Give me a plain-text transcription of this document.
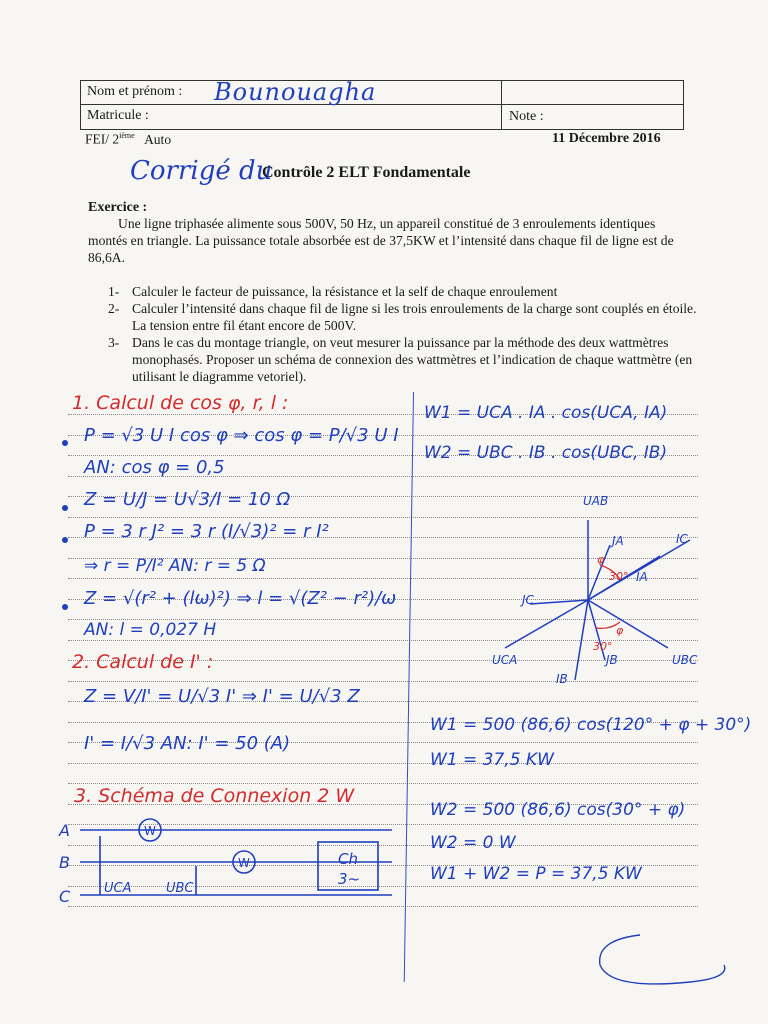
Nom et prénom :
Matricule :	Note :
Bounouagha
FEI/ 2ième Auto	11 Décembre 2016
Corrigé du
Contrôle 2 ELT Fondamentale
Exercice :

Une ligne triphasée alimente sous 500V, 50 Hz, un appareil constitué de 3 enroulements identiques montés en triangle. La puissance totale absorbée est de 37,5KW et l’intensité dans chaque fil de ligne est de 86,6A.

1- Calculer le facteur de puissance, la résistance et la self de chaque enroulement
2- Calculer l’intensité dans chaque fil de ligne si les trois enroulements de la charge sont couplés en étoile. La tension entre fil étant encore de 500V.
3- Dans le cas du montage triangle, on veut mesurer la puissance par la méthode des deux wattmètres monophasés. Proposer un schéma de connexion des wattmètres et l’indication de chaque wattmètre (en utilisant le diagramme vetoriel).
1. Calcul de cos φ, r, l :
P = √3 U I cos φ ⇒ cos φ = P/√3 U I
AN: cos φ = 0,5
Z = U/J = U√3/I = 10 Ω
P = 3 r J² = 3 r (I/√3)² = r I²
⇒ r = P/I² AN: r = 5 Ω
Z = √(r² + (lω)²) ⇒ l = √(Z² − r²)/ω
AN: l = 0,027 H
2. Calcul de I' :
Z = V/I' = U/√3 I' ⇒ I' = U/√3 Z
I' = I/√3 AN: I' = 50 (A)
3. Schéma de Connexion 2 W
A
B
C
W
W
UCA	UBC
Ch
3~
W1 = UCA . IA . cos(UCA, IA)
W2 = UBC . IB . cos(UBC, IB)
UAB
JA	IC
IA
JC
UCA
IB
JB	UBC
φ
30°
30°
φ
W1 = 500 (86,6) cos(120° + φ + 30°)
W1 = 37,5 KW
W2 = 500 (86,6) cos(30° + φ)
W2 = 0 W
W1 + W2 = P = 37,5 KW
